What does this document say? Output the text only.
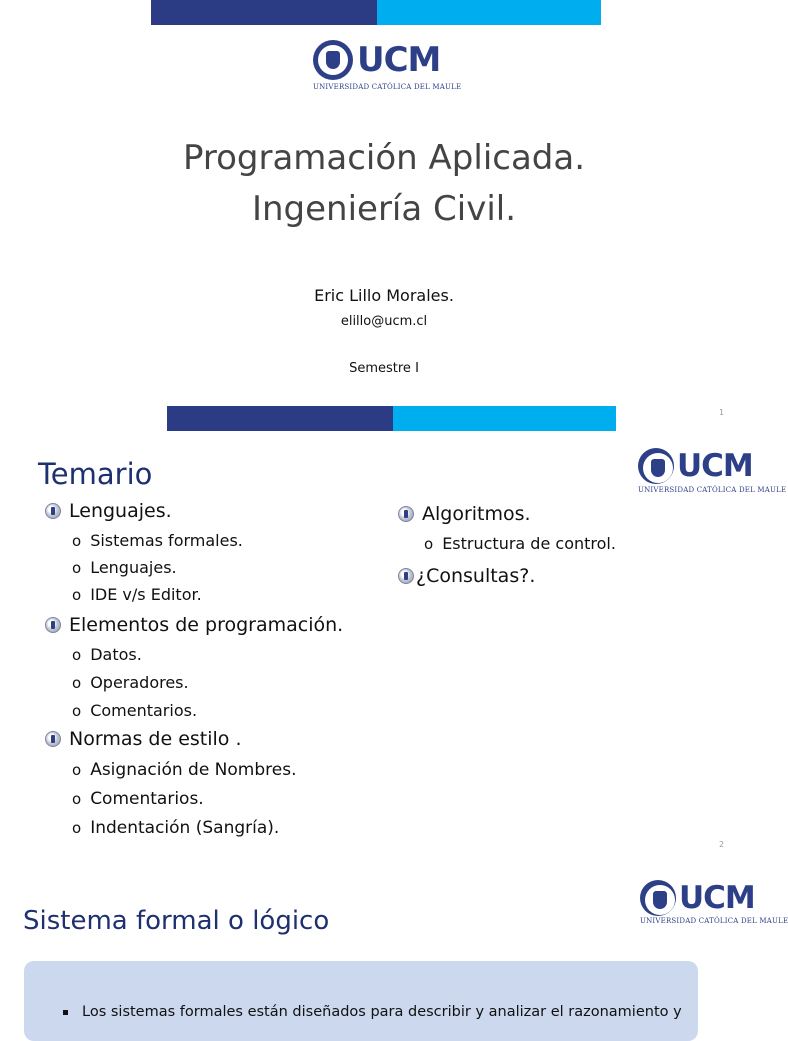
UCM
UNIVERSIDAD CATÓLICA DEL MAULE
Programación Aplicada.
Ingeniería Civil.
Eric Lillo Morales.
elillo@ucm.cl
Semestre I
1
Temario	UCM
UNIVERSIDAD CATÓLICA DEL MAULE
Lenguajes.
o Sistemas formales.
o Lenguajes.
o IDE v/s Editor.
Elementos de programación.
o Datos.
o Operadores.
o Comentarios.
Normas de estilo .
o Asignación de Nombres.
o Comentarios.
o Indentación (Sangría).
Algoritmos.
o Estructura de control.
¿Consultas?.
2
Sistema formal o lógico
UCM
UNIVERSIDAD CATÓLICA DEL MAULE
Los sistemas formales están diseñados para describir y analizar el razonamiento y
